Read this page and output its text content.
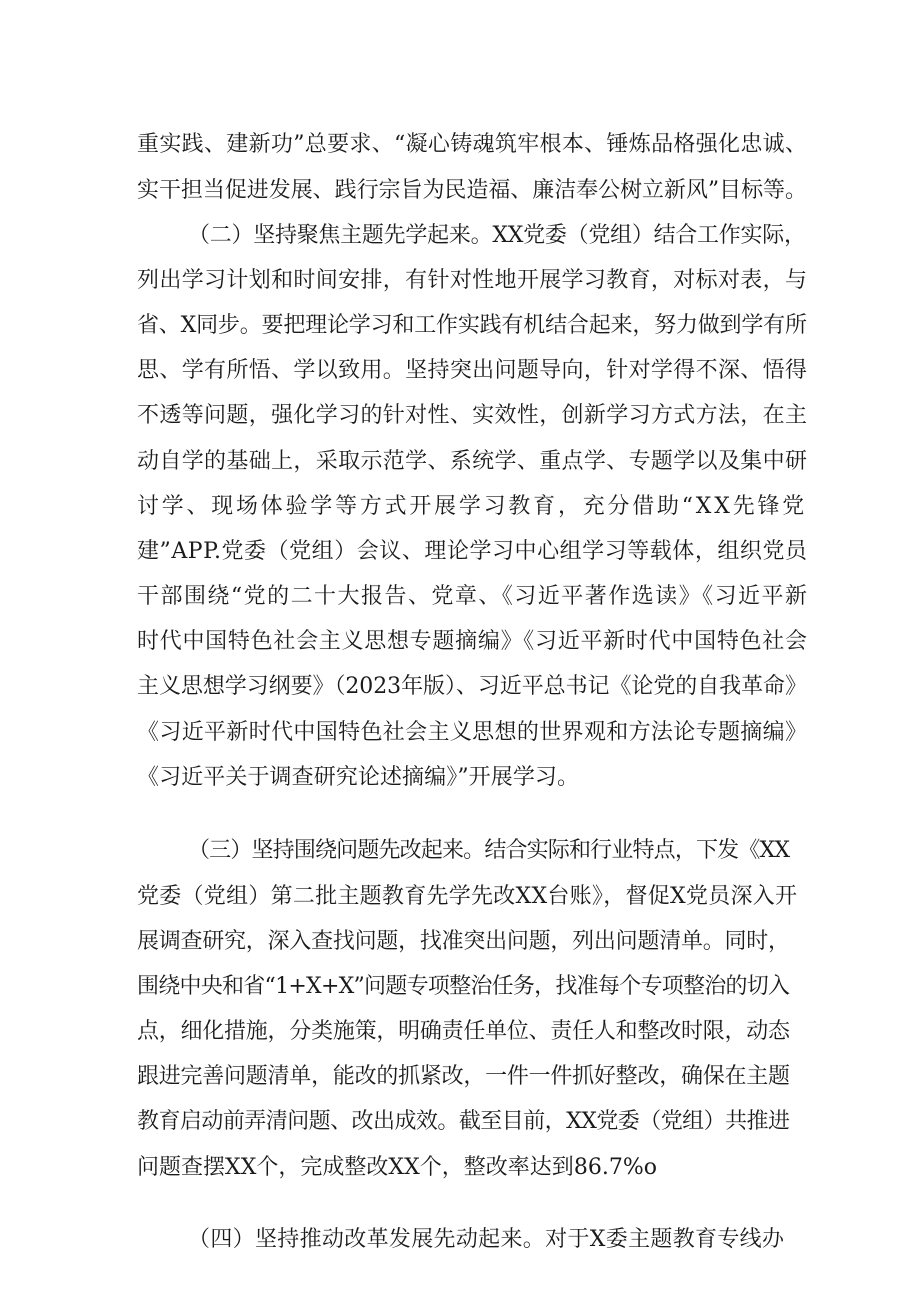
重实践、建新功”总要求、“凝心铸魂筑牢根本、锤炼品格强化忠诚、
实干担当促进发展、践行宗旨为民造福、廉洁奉公树立新风”目标等。
（二）坚持聚焦主题先学起来。XX党委（党组）结合工作实际，
列出学习计划和时间安排，有针对性地开展学习教育，对标对表，与
省、X同步。要把理论学习和工作实践有机结合起来，努力做到学有所
思、学有所悟、学以致用。坚持突出问题导向，针对学得不深、悟得
不透等问题，强化学习的针对性、实效性，创新学习方式方法，在主
动自学的基础上，采取示范学、系统学、重点学、专题学以及集中研
讨学、现场体验学等方式开展学习教育，充分借助“XX先锋党
建”APP.党委（党组）会议、理论学习中心组学习等载体，组织党员
干部围绕“党的二十大报告、党章、《习近平著作选读》《习近平新
时代中国特色社会主义思想专题摘编》《习近平新时代中国特色社会
主义思想学习纲要》（2023年版）、习近平总书记《论党的自我革命》
《习近平新时代中国特色社会主义思想的世界观和方法论专题摘编》
《习近平关于调查研究论述摘编》”开展学习。
（三）坚持围绕问题先改起来。结合实际和行业特点，下发《XX
党委（党组）第二批主题教育先学先改XX台账》，督促X党员深入开
展调查研究，深入查找问题，找准突出问题，列出问题清单。同时，
围绕中央和省“1+X+X”问题专项整治任务，找准每个专项整治的切入
点，细化措施，分类施策，明确责任单位、责任人和整改时限，动态
跟进完善问题清单，能改的抓紧改，一件一件抓好整改，确保在主题
教育启动前弄清问题、改出成效。截至目前，XX党委（党组）共推进
问题查摆XX个，完成整改XX个，整改率达到86.7%o
（四）坚持推动改革发展先动起来。对于X委主题教育专线办
